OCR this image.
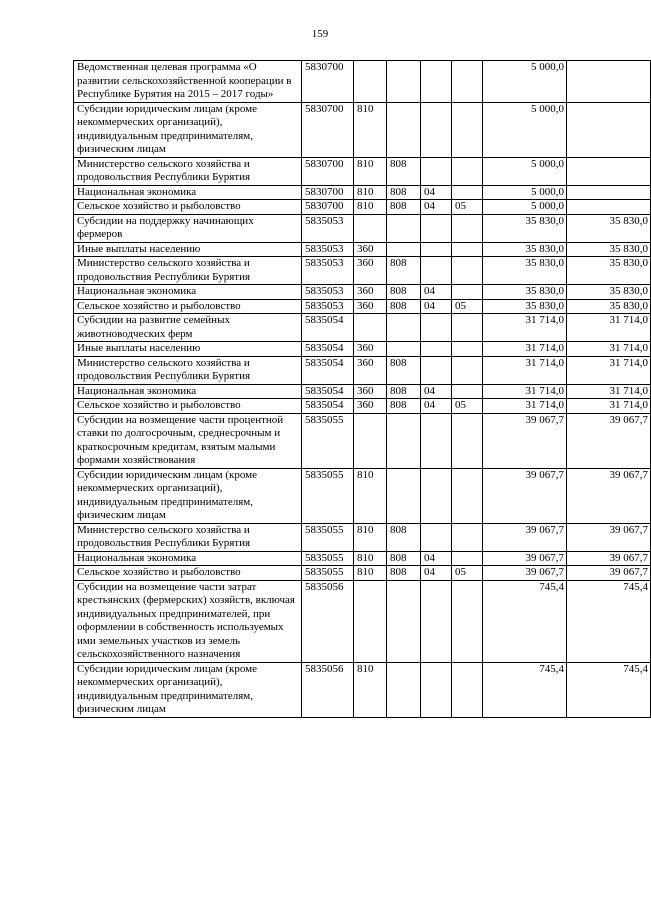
159
Ведомственная целевая программа «О развитии сельскохозяйственной кооперации в Республике Бурятия на 2015 – 2017 годы»	5830700					5 000,0	
Субсидии юридическим лицам (кроме некоммерческих организаций), индивидуальным предпринимателям, физическим лицам	5830700	810				5 000,0	
Министерство сельского хозяйства и продовольствия Республики Бурятия	5830700	810	808			5 000,0	
Национальная экономика	5830700	810	808	04		5 000,0	
Сельское хозяйство и рыболовство	5830700	810	808	04	05	5 000,0	
Субсидии на поддержку начинающих фермеров	5835053					35 830,0	35 830,0
Иные выплаты населению	5835053	360				35 830,0	35 830,0
Министерство сельского хозяйства и продовольствия Республики Бурятия	5835053	360	808			35 830,0	35 830,0
Национальная экономика	5835053	360	808	04		35 830,0	35 830,0
Сельское хозяйство и рыболовство	5835053	360	808	04	05	35 830,0	35 830,0
Субсидии на развитие семейных животноводческих ферм	5835054					31 714,0	31 714,0
Иные выплаты населению	5835054	360				31 714,0	31 714,0
Министерство сельского хозяйства и продовольствия Республики Бурятия	5835054	360	808			31 714,0	31 714,0
Национальная экономика	5835054	360	808	04		31 714,0	31 714,0
Сельское хозяйство и рыболовство	5835054	360	808	04	05	31 714,0	31 714,0
Субсидии на возмещение части процентной ставки по долгосрочным, среднесрочным и краткосрочным кредитам, взятым малыми формами хозяйствования	5835055					39 067,7	39 067,7
Субсидии юридическим лицам (кроме некоммерческих организаций), индивидуальным предпринимателям, физическим лицам	5835055	810				39 067,7	39 067,7
Министерство сельского хозяйства и продовольствия Республики Бурятия	5835055	810	808			39 067,7	39 067,7
Национальная экономика	5835055	810	808	04		39 067,7	39 067,7
Сельское хозяйство и рыболовство	5835055	810	808	04	05	39 067,7	39 067,7
Субсидии на возмещение части затрат крестьянских (фермерских) хозяйств, включая индивидуальных предпринимателей, при оформлении в собственность используемых ими земельных участков из земель сельскохозяйственного назначения	5835056					745,4	745,4
Субсидии юридическим лицам (кроме некоммерческих организаций), индивидуальным предпринимателям, физическим лицам	5835056	810				745,4	745,4
